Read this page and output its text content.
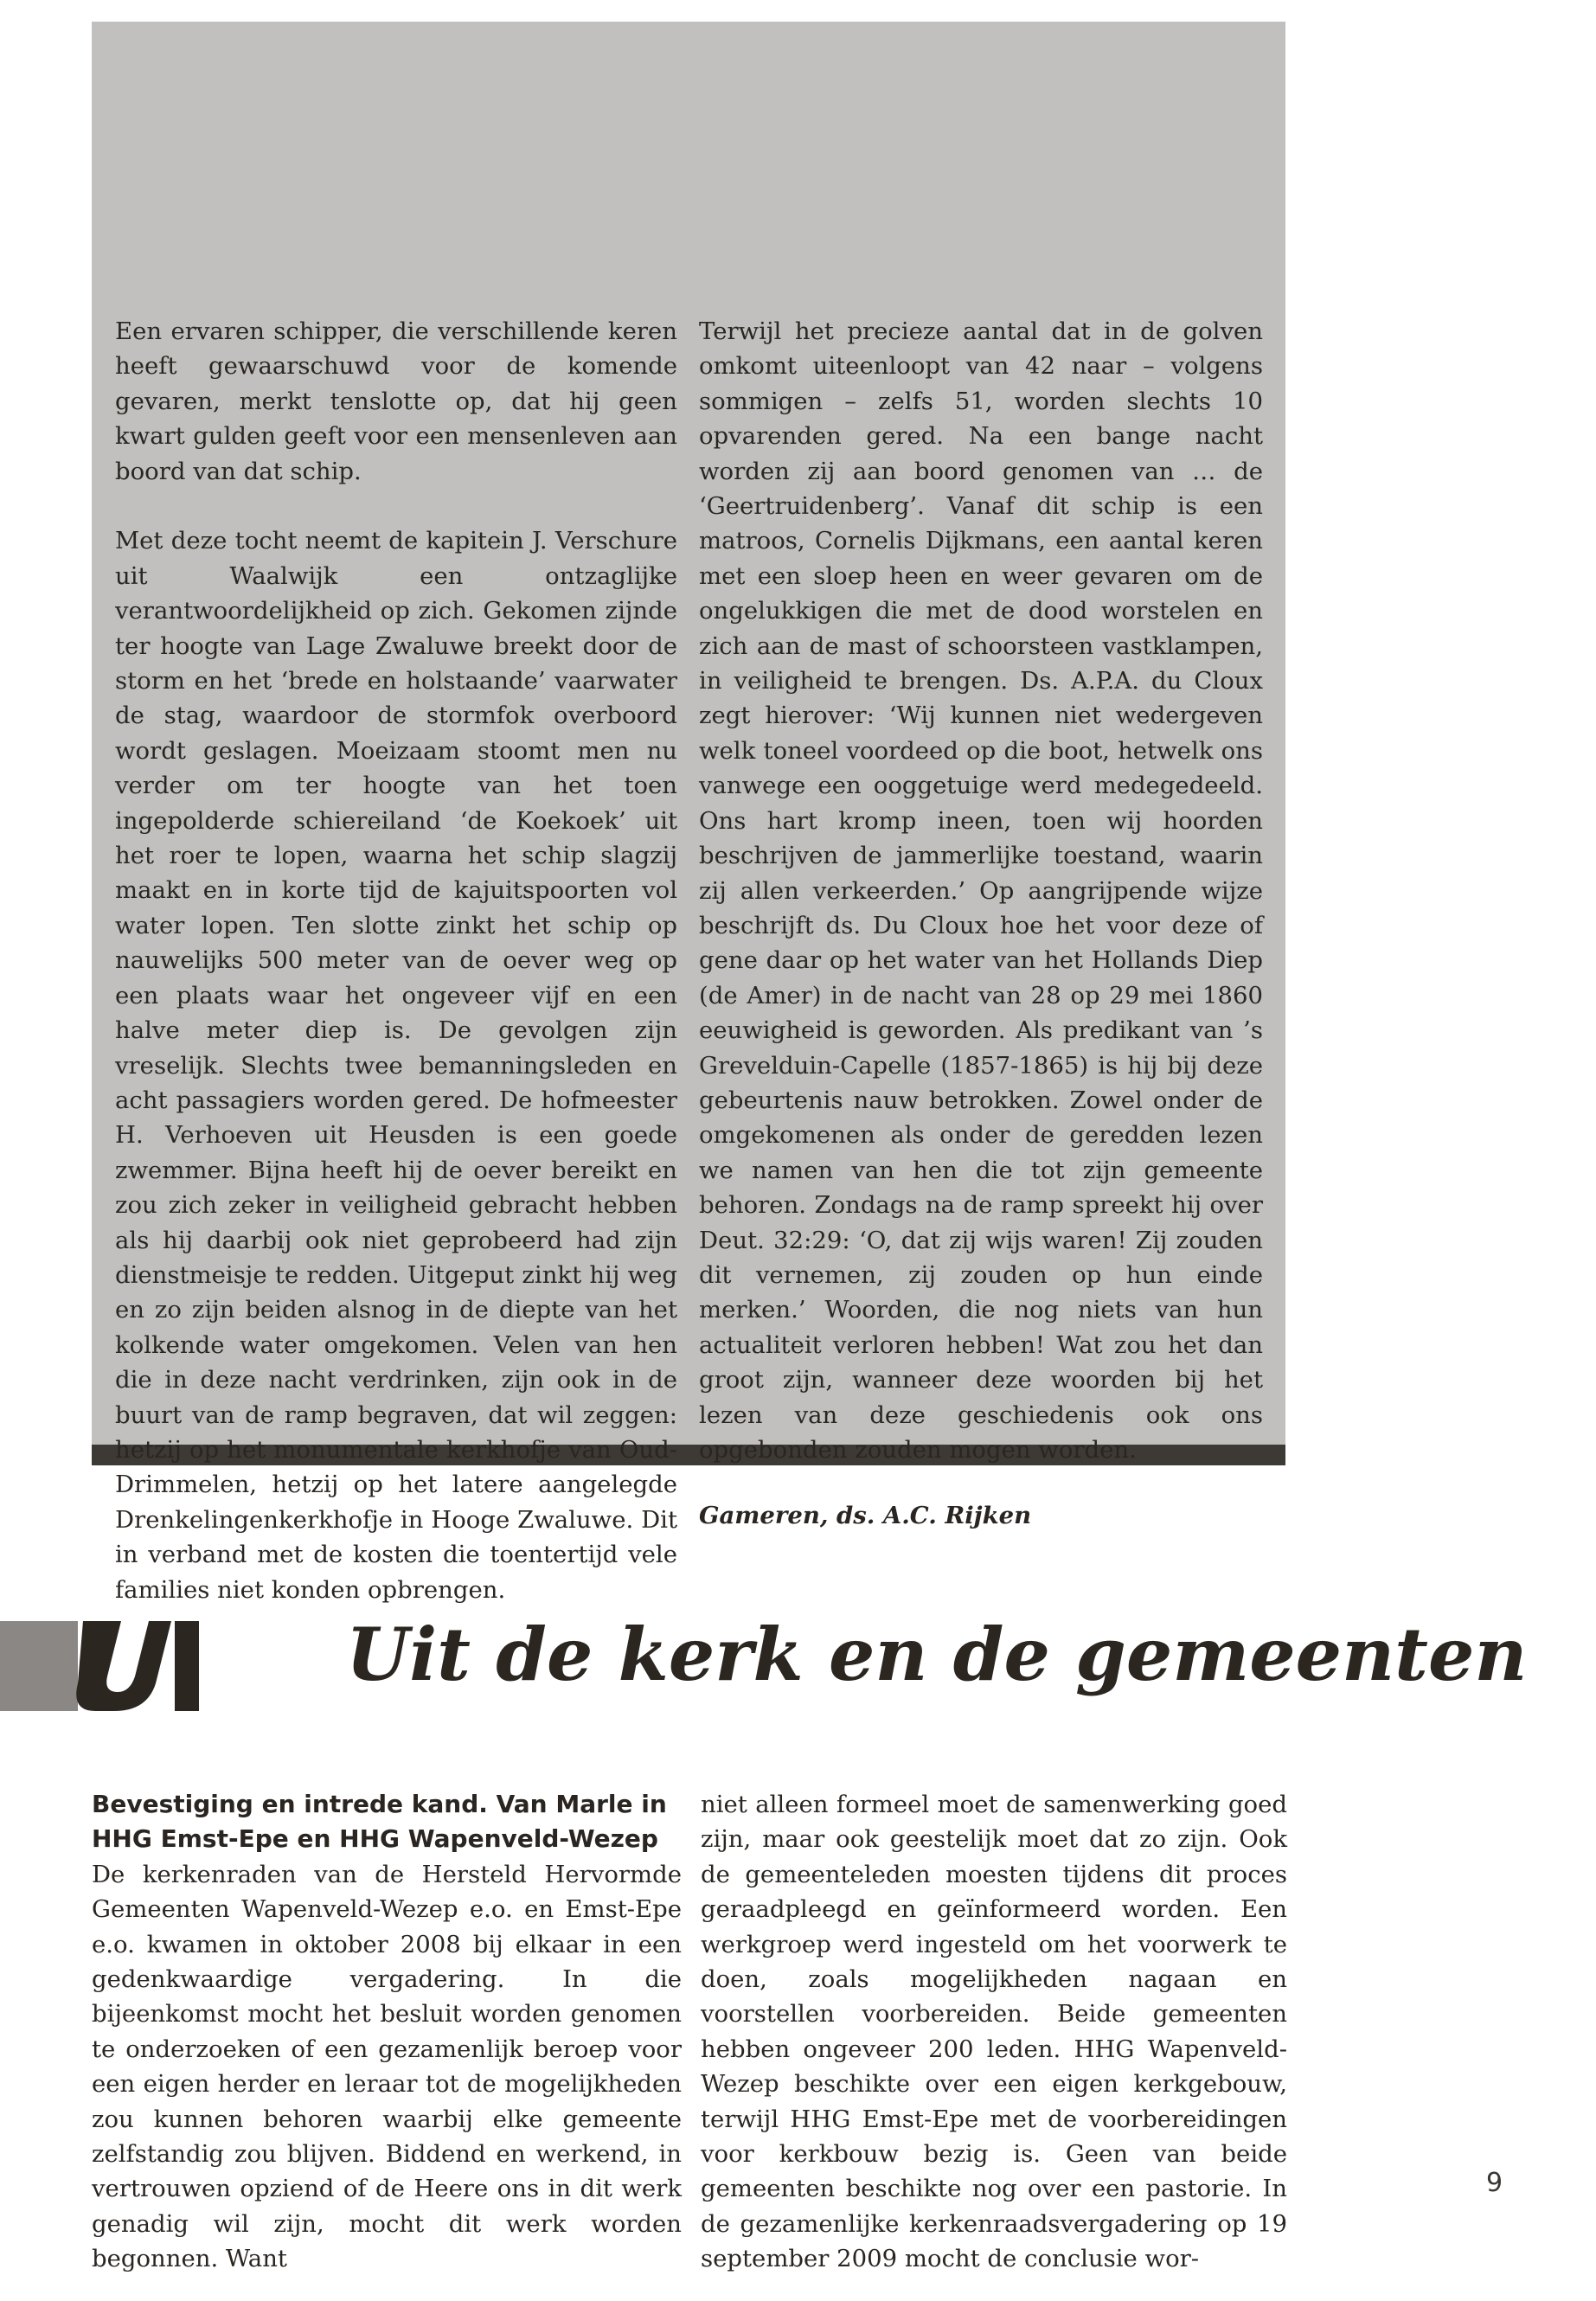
Een ervaren schipper, die verschillende keren heeft gewaarschuwd voor de komende gevaren, merkt tenslotte op, dat hij geen kwart gulden geeft voor een mensenleven aan boord van dat schip.

Met deze tocht neemt de kapitein J. Verschure uit Waalwijk een ontzaglijke verantwoordelijkheid op zich. Gekomen zijnde ter hoogte van Lage Zwaluwe breekt door de storm en het ‘brede en holstaande’ vaarwater de stag, waardoor de stormfok overboord wordt geslagen. Moeizaam stoomt men nu verder om ter hoogte van het toen ingepolderde schiereiland ‘de Koekoek’ uit het roer te lopen, waarna het schip slagzij maakt en in korte tijd de kajuitspoorten vol water lopen. Ten slotte zinkt het schip op nauwelijks 500 meter van de oever weg op een plaats waar het ongeveer vijf en een halve meter diep is. De gevolgen zijn vreselijk. Slechts twee bemanningsleden en acht passagiers worden gered. De hofmeester H. Verhoeven uit Heusden is een goede zwemmer. Bijna heeft hij de oever bereikt en zou zich zeker in veiligheid gebracht hebben als hij daarbij ook niet geprobeerd had zijn dienstmeisje te redden. Uitgeput zinkt hij weg en zo zijn beiden alsnog in de diepte van het kolkende water omgekomen. Velen van hen die in deze nacht verdrinken, zijn ook in de buurt van de ramp begraven, dat wil zeggen: hetzij op het monumentale kerkhofje van Oud-Drimmelen, hetzij op het latere aangelegde Drenkelingenkerkhofje in Hooge Zwaluwe. Dit in verband met de kosten die toentertijd vele families niet konden opbrengen.

Terwijl het precieze aantal dat in de golven omkomt uiteenloopt van 42 naar – volgens sommigen – zelfs 51, worden slechts 10 opvarenden gered. Na een bange nacht worden zij aan boord genomen van … de ‘Geertruidenberg’. Vanaf dit schip is een matroos, Cornelis Dijkmans, een aantal keren met een sloep heen en weer gevaren om de ongelukkigen die met de dood worstelen en zich aan de mast of schoorsteen vastklampen, in veiligheid te brengen. Ds. A.P.A. du Cloux zegt hierover: ‘Wij kunnen niet wedergeven welk toneel voordeed op die boot, hetwelk ons vanwege een ooggetuige werd medegedeeld. Ons hart kromp ineen, toen wij hoorden beschrijven de jammerlijke toestand, waarin zij allen verkeerden.’ Op aangrijpende wijze beschrijft ds. Du Cloux hoe het voor deze of gene daar op het water van het Hollands Diep (de Amer) in de nacht van 28 op 29 mei 1860 eeuwigheid is geworden. Als predikant van ’s Grevelduin-Capelle (1857-1865) is hij bij deze gebeurtenis nauw betrokken. Zowel onder de omgekomenen als onder de geredden lezen we namen van hen die tot zijn gemeente behoren. Zondags na de ramp spreekt hij over Deut. 32:29: ‘O, dat zij wijs waren! Zij zouden dit vernemen, zij zouden op hun einde merken.’ Woorden, die nog niets van hun actualiteit verloren hebben! Wat zou het dan groot zijn, wanneer deze woorden bij het lezen van deze geschiedenis ook ons opgebonden zouden mogen worden.

Gameren, ds. A.C. Rijken

Uit de kerk en de gemeenten
Bevestiging en intrede kand. Van Marle in HHG Emst-Epe en HHG Wapenveld-Wezep

De kerkenraden van de Hersteld Hervormde Gemeenten Wapenveld-Wezep e.o. en Emst-Epe e.o. kwamen in oktober 2008 bij elkaar in een gedenkwaardige vergadering. In die bijeenkomst mocht het besluit worden genomen te onderzoeken of een gezamenlijk beroep voor een eigen herder en leraar tot de mogelijkheden zou kunnen behoren waarbij elke gemeente zelfstandig zou blijven. Biddend en werkend, in vertrouwen opziend of de Heere ons in dit werk genadig wil zijn, mocht dit werk worden begonnen. Want

niet alleen formeel moet de samenwerking goed zijn, maar ook geestelijk moet dat zo zijn. Ook de gemeenteleden moesten tijdens dit proces geraadpleegd en geïnformeerd worden. Een werkgroep werd ingesteld om het voorwerk te doen, zoals mogelijkheden nagaan en voorstellen voorbereiden. Beide gemeenten hebben ongeveer 200 leden. HHG Wapenveld-Wezep beschikte over een eigen kerkgebouw, terwijl HHG Emst-Epe met de voorbereidingen voor kerkbouw bezig is. Geen van beide gemeenten beschikte nog over een pastorie. In de gezamenlijke kerkenraadsvergadering op 19 september 2009 mocht de conclusie wor-

9
